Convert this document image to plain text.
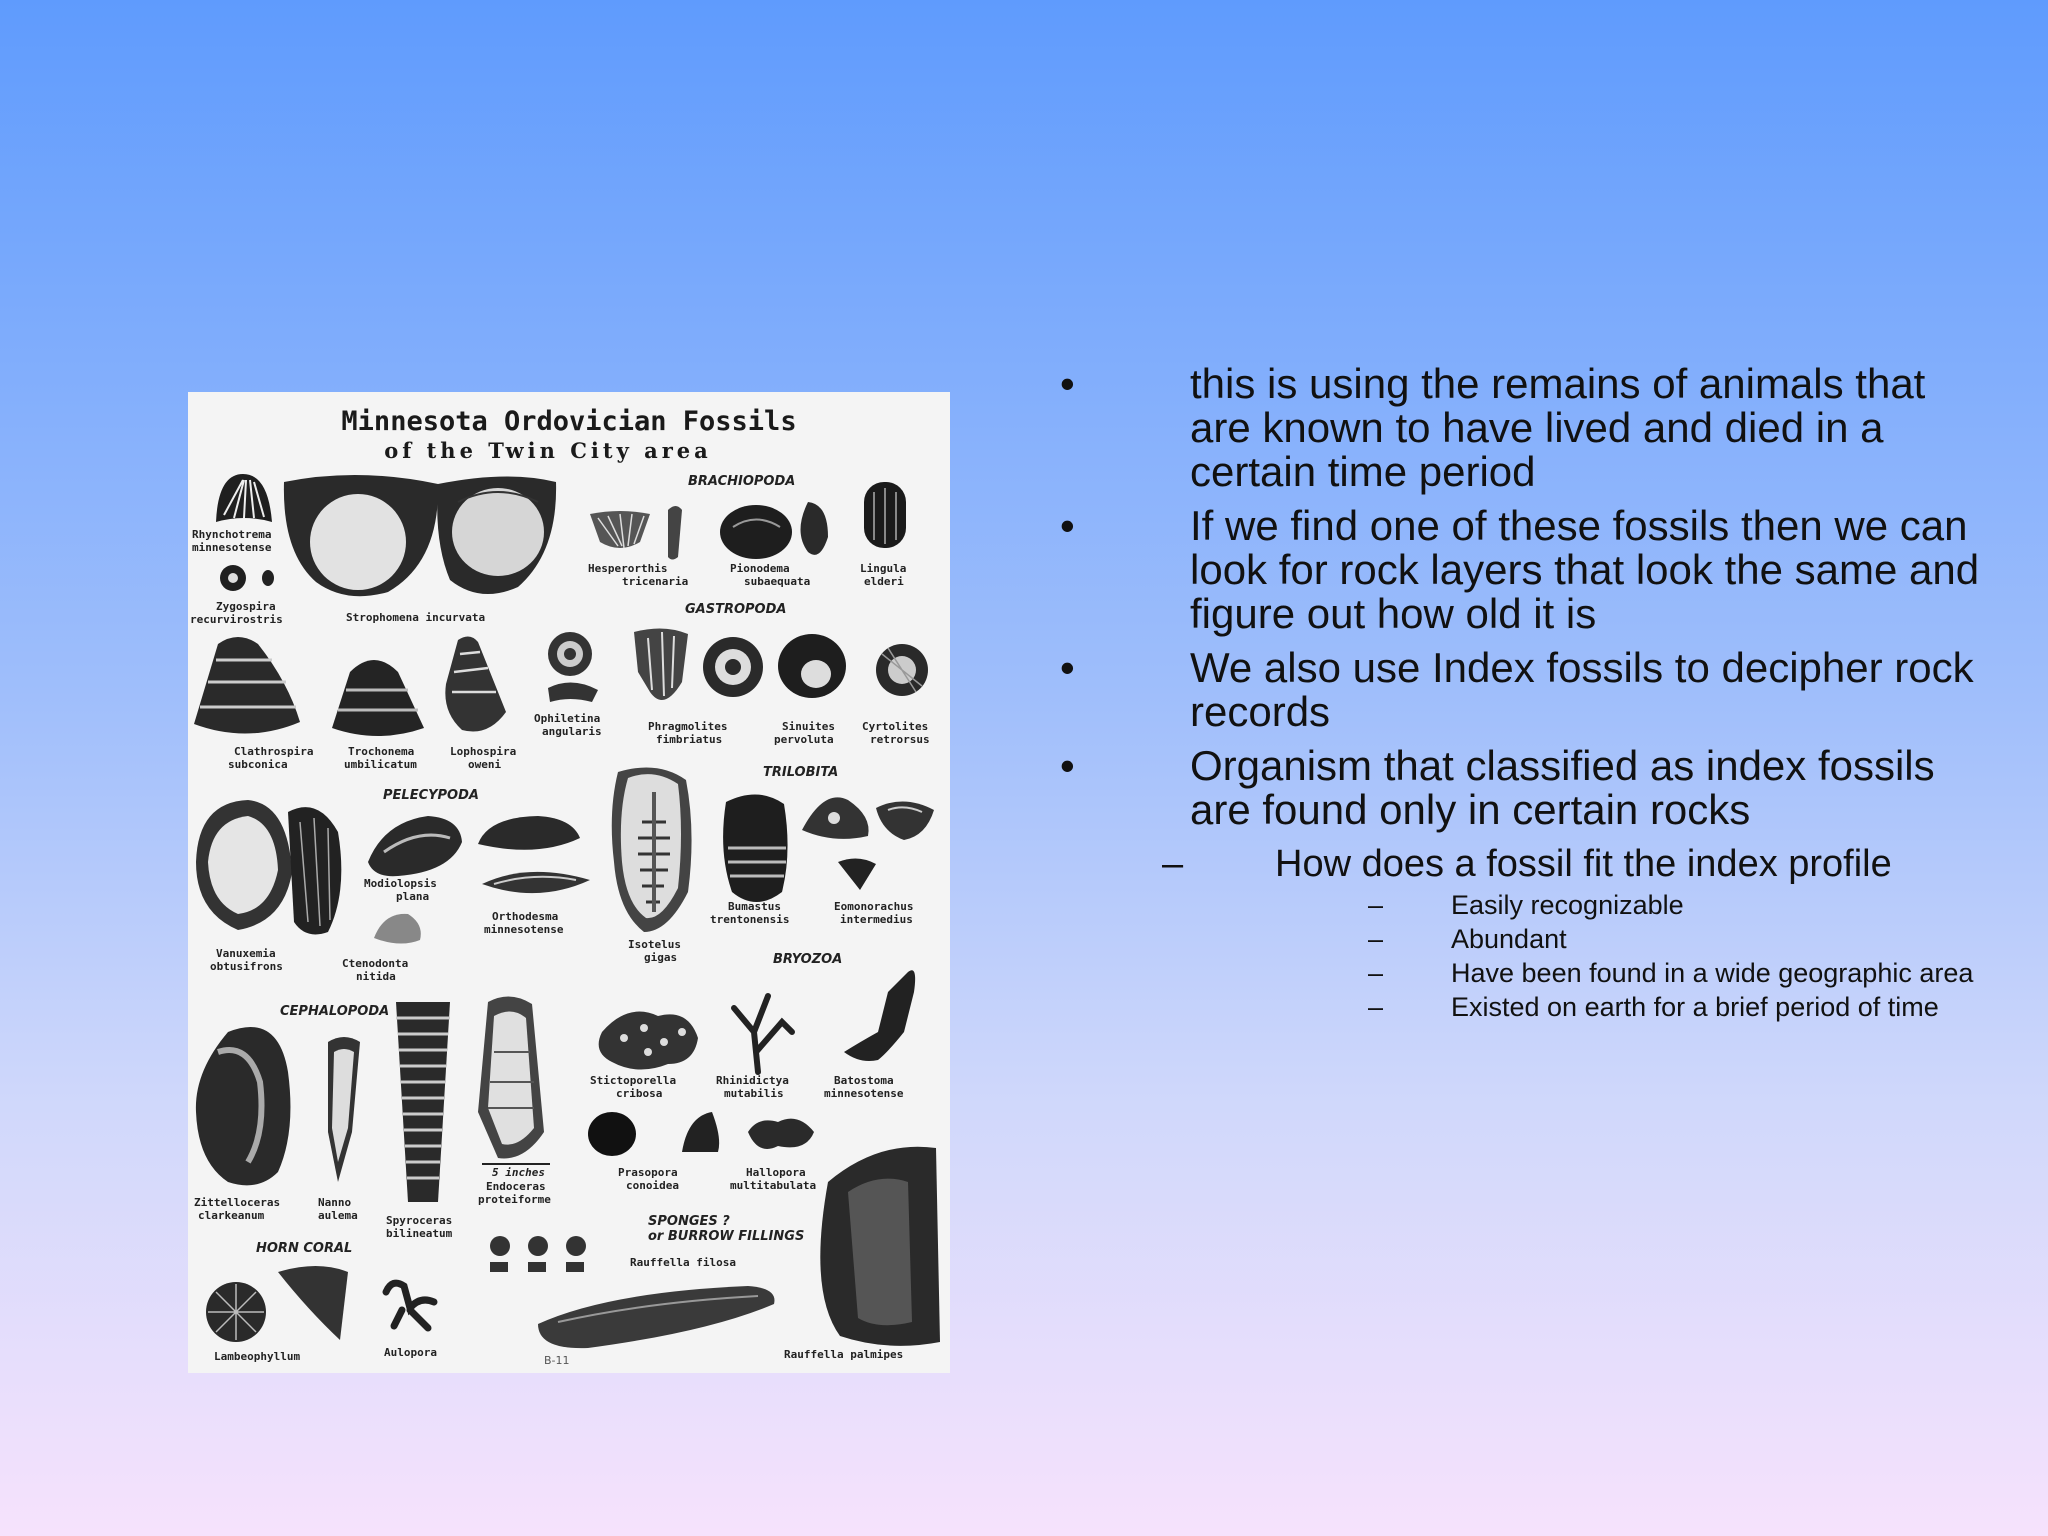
Minnesota Ordovician Fossils
of the Twin City area
BRACHIOPODA
GASTROPODA
PELECYPODA
TRILOBITA
CEPHALOPODA
BRYOZOA
HORN CORAL
SPONGES ?
or BURROW FILLINGS
Rhynchotrema
minnesotense
Zygospira
recurvirostris	Strophomena incurvata
Hesperorthis
tricenaria
Pionodema
subaequata
Lingula
elderi
Clathrospira
subconica
Trochonema
umbilicatum
Lophospira
oweni
Ophiletina
angularis	Phragmolites
fimbriatus
Sinuites
pervoluta
Cyrtolites
retrorsus
Vanuxemia
obtusifrons
Modiolopsis
plana
Ctenodonta
nitida
Orthodesma
minnesotense
Isotelus
gigas
Bumastus
trentonensis
Eomonorachus
intermedius
Zittelloceras
clarkeanum
Nanno
aulema	Spyroceras
bilineatum
5 inches
Endoceras
proteiforme
Stictoporella
cribosa
Rhinidictya
mutabilis
Batostoma
minnesotense
Prasopora
conoidea
Hallopora
multitabulata
Lambeophyllum	Aulopora
Rauffella filosa
Rauffella palmipes
B-11
•	this is using the remains of animals that are known to have lived and died in a certain time period
•	If we find one of these fossils then we can look for rock layers that look the same and figure out how old it is
•	We also use Index fossils to decipher rock records
•	Organism that classified as index fossils are found only in certain rocks
– How does a fossil fit the index profile
–	Easily recognizable
–	Abundant
–	Have been found in a wide geographic area
–	Existed on earth for a brief period of time
